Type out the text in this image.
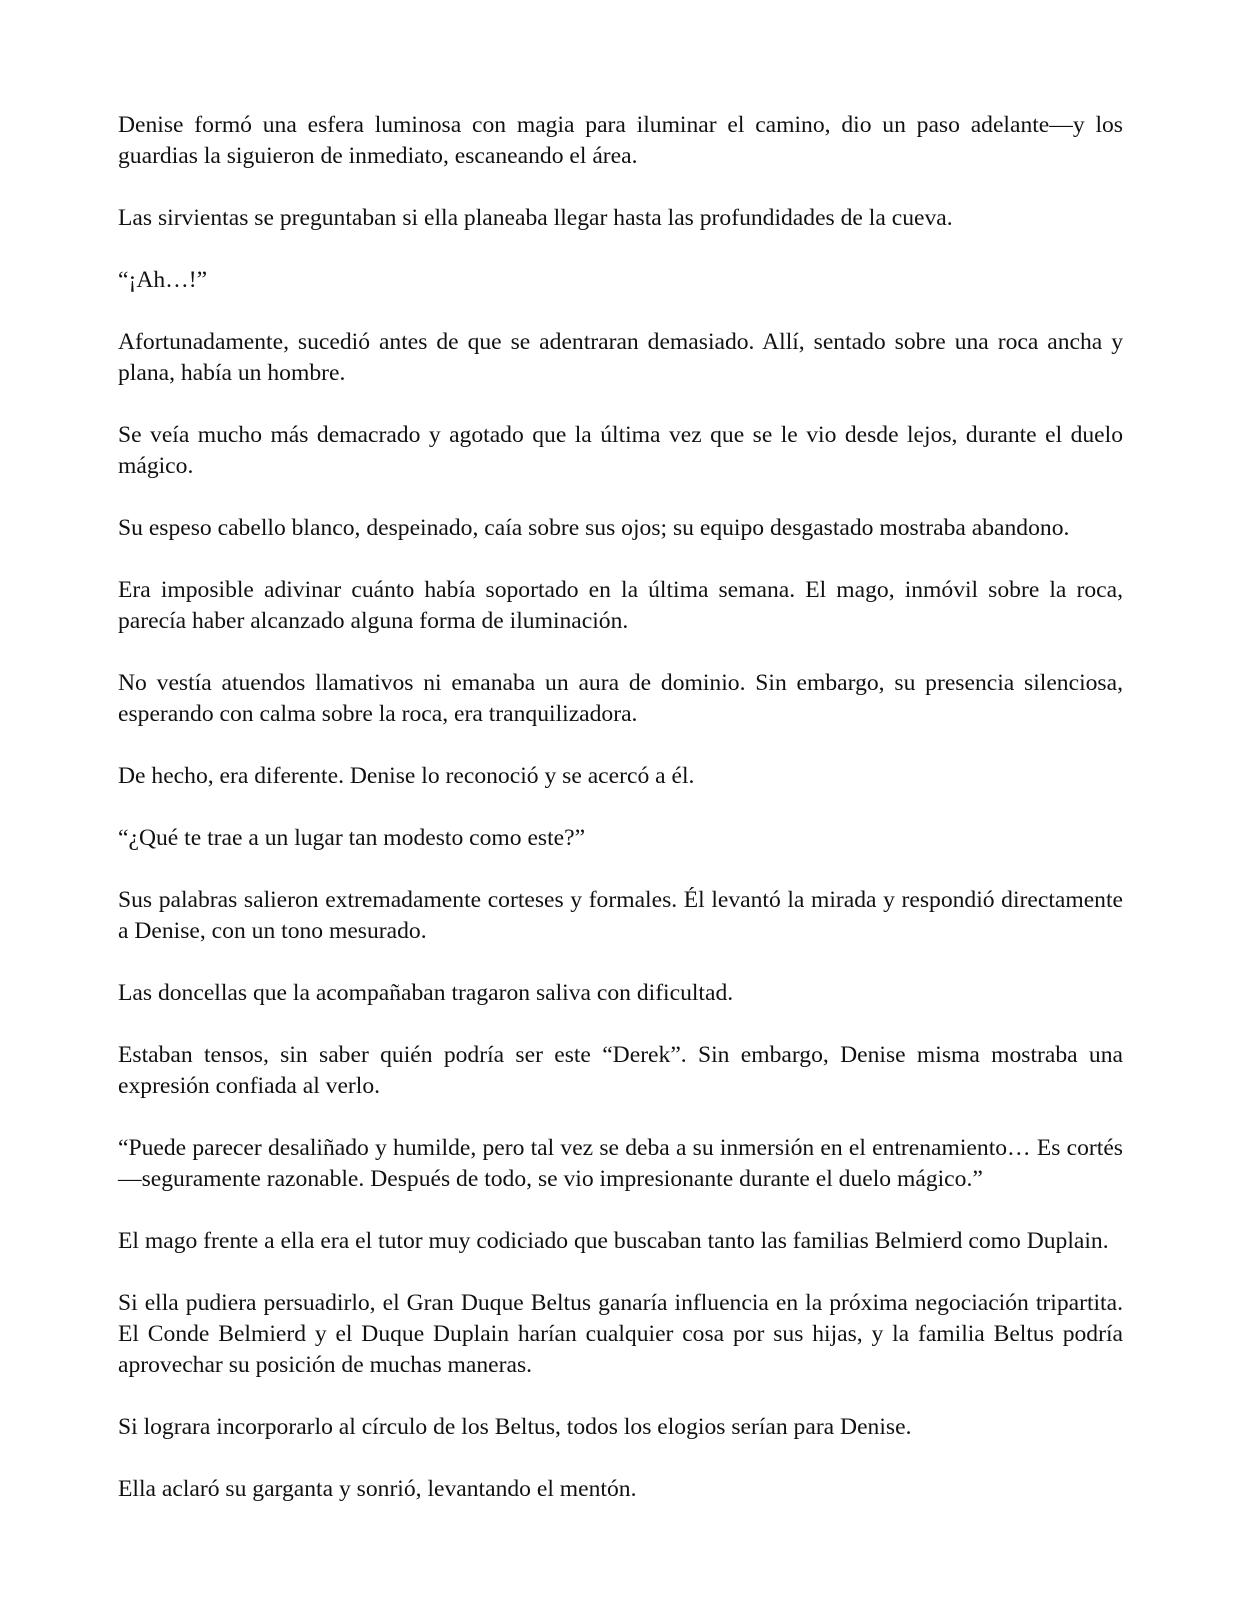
Denise formó una esfera luminosa con magia para iluminar el camino, dio un paso adelante—y los guardias la siguieron de inmediato, escaneando el área.

Las sirvientas se preguntaban si ella planeaba llegar hasta las profundidades de la cueva.

“¡Ah…!”

Afortunadamente, sucedió antes de que se adentraran demasiado. Allí, sentado sobre una roca ancha y plana, había un hombre.

Se veía mucho más demacrado y agotado que la última vez que se le vio desde lejos, durante el duelo mágico.

Su espeso cabello blanco, despeinado, caía sobre sus ojos; su equipo desgastado mostraba abandono.

Era imposible adivinar cuánto había soportado en la última semana. El mago, inmóvil sobre la roca, parecía haber alcanzado alguna forma de iluminación.

No vestía atuendos llamativos ni emanaba un aura de dominio. Sin embargo, su presencia silenciosa, esperando con calma sobre la roca, era tranquilizadora.

De hecho, era diferente. Denise lo reconoció y se acercó a él.

“¿Qué te trae a un lugar tan modesto como este?”

Sus palabras salieron extremadamente corteses y formales. Él levantó la mirada y respondió directamente a Denise, con un tono mesurado.

Las doncellas que la acompañaban tragaron saliva con dificultad.

Estaban tensos, sin saber quién podría ser este “Derek”. Sin embargo, Denise misma mostraba una expresión confiada al verlo.

“Puede parecer desaliñado y humilde, pero tal vez se deba a su inmersión en el entrenamiento… Es cortés—seguramente razonable. Después de todo, se vio impresionante durante el duelo mágico.”

El mago frente a ella era el tutor muy codiciado que buscaban tanto las familias Belmierd como Duplain.

Si ella pudiera persuadirlo, el Gran Duque Beltus ganaría influencia en la próxima negociación tripartita. El Conde Belmierd y el Duque Duplain harían cualquier cosa por sus hijas, y la familia Beltus podría aprovechar su posición de muchas maneras.

Si lograra incorporarlo al círculo de los Beltus, todos los elogios serían para Denise.

Ella aclaró su garganta y sonrió, levantando el mentón.
